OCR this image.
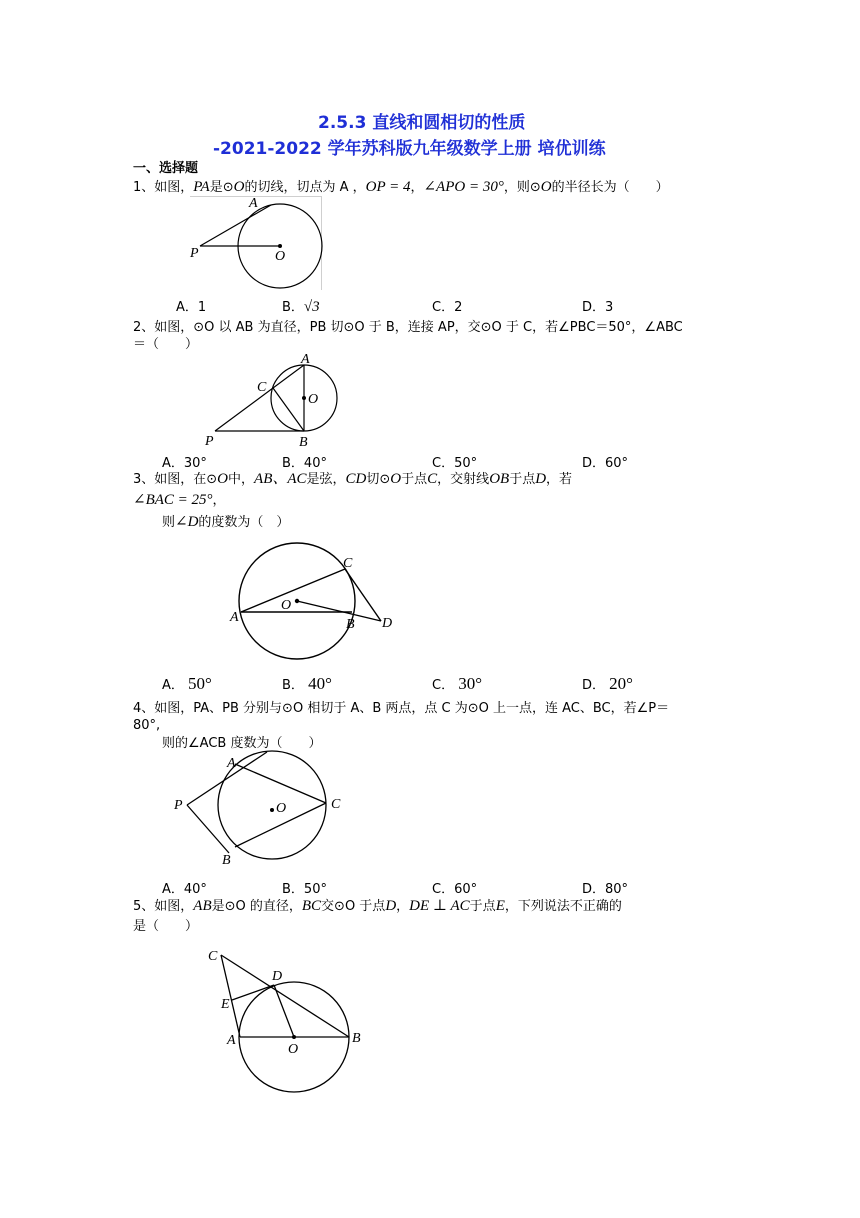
2.5.3 直线和圆相切的性质
-2021-2022 学年苏科版九年级数学上册 培优训练
一、选择题
1、如图，PA是⊙O的切线，切点为 A ，OP = 4，∠APO = 30°，则⊙O的半径长为（　　）
A
P	O
A．1	B．√3	C．2	D．3
2、如图，⊙O 以 AB 为直径，PB 切⊙O 于 B，连接 AP，交⊙O 于 C，若∠PBC＝50°，∠ABC
＝（　　）
A
C
O
P	B
A．30°	B．40°	C．50°	D．60°
3、如图，在⊙O中，AB、AC是弦，CD切⊙O于点C，交射线OB于点D，若
∠BAC = 25°，
则∠D的度数为（　）
C
O
A	B D
A． 50°	B． 40°	C． 30°	D． 20°
4、如图，PA、PB 分别与⊙O 相切于 A、B 两点，点 C 为⊙O 上一点，连 AC、BC，若∠P＝
80°,
则的∠ACB 度数为（　　）
A
P	O	C
B
A．40°	B．50°	C．60°	D．80°
5、如图，AB是⊙O 的直径，BC交⊙O 于点D，DE ⊥ AC于点E，下列说法不正确的
是（　　）
C
D
E
A
O
B
